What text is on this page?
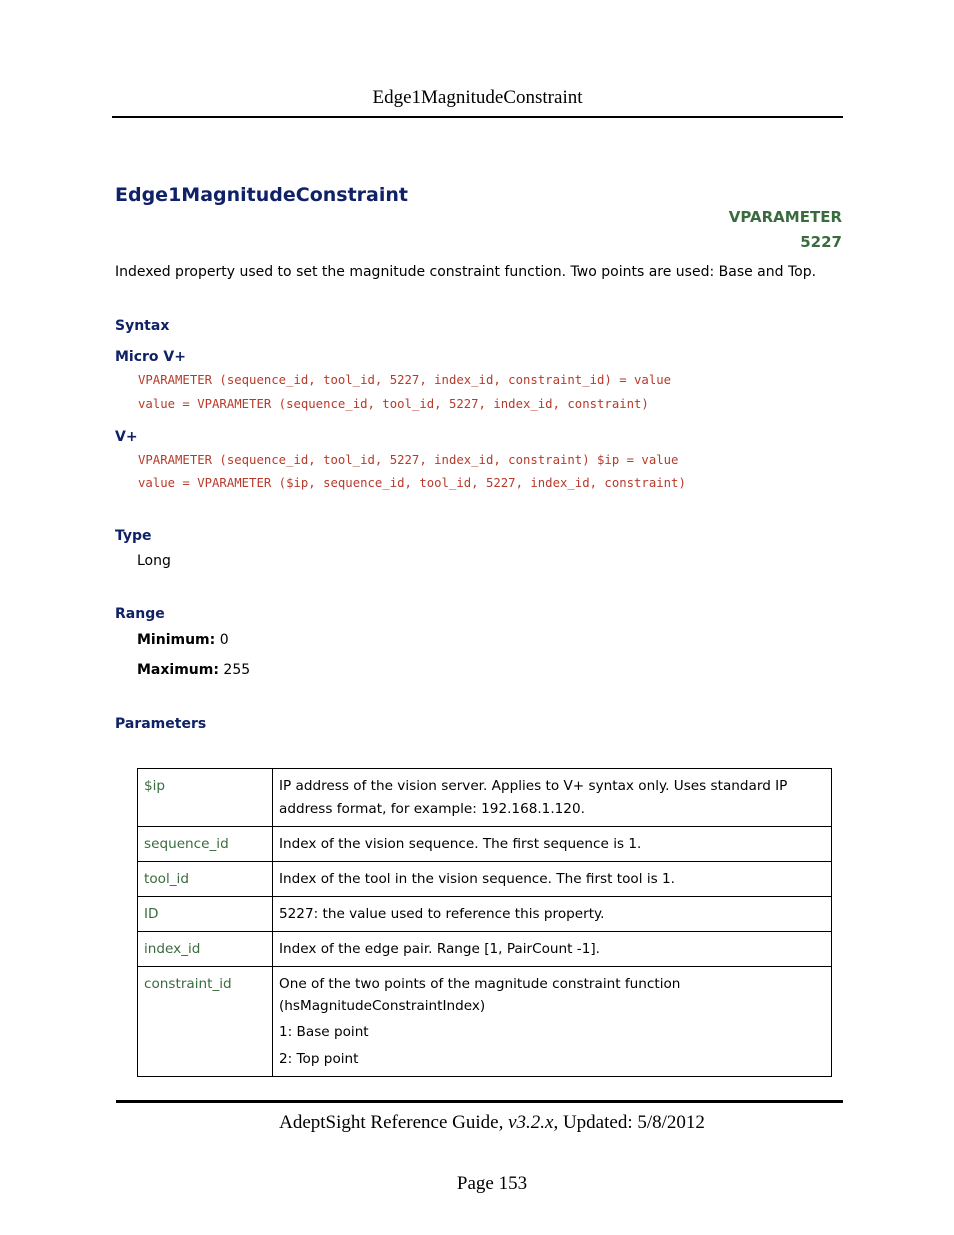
Edge1MagnitudeConstraint
Edge1MagnitudeConstraint
VPARAMETER
5227
Indexed property used to set the magnitude constraint function. Two points are used: Base and Top.
Syntax
Micro V+
VPARAMETER (sequence_id, tool_id, 5227, index_id, constraint_id) = value
value = VPARAMETER (sequence_id, tool_id, 5227, index_id, constraint)
V+
VPARAMETER (sequence_id, tool_id, 5227, index_id, constraint) $ip = value
value = VPARAMETER ($ip, sequence_id, tool_id, 5227, index_id, constraint)
Type
Long
Range
Minimum: 0
Maximum: 255
Parameters
$ip	IP address of the vision server. Applies to V+ syntax only. Uses standard IP address format, for example: 192.168.1.120.

sequence_id	Index of the vision sequence. The first sequence is 1.

tool_id	Index of the tool in the vision sequence. The first tool is 1.

ID	5227: the value used to reference this property.

index_id	Index of the edge pair. Range [1, PairCount -1].

constraint_id	One of the two points of the magnitude constraint function (hsMagnitudeConstraintIndex)

1: Base point

2: Top point

AdeptSight Reference Guide, v3.2.x, Updated: 5/8/2012
Page 153
